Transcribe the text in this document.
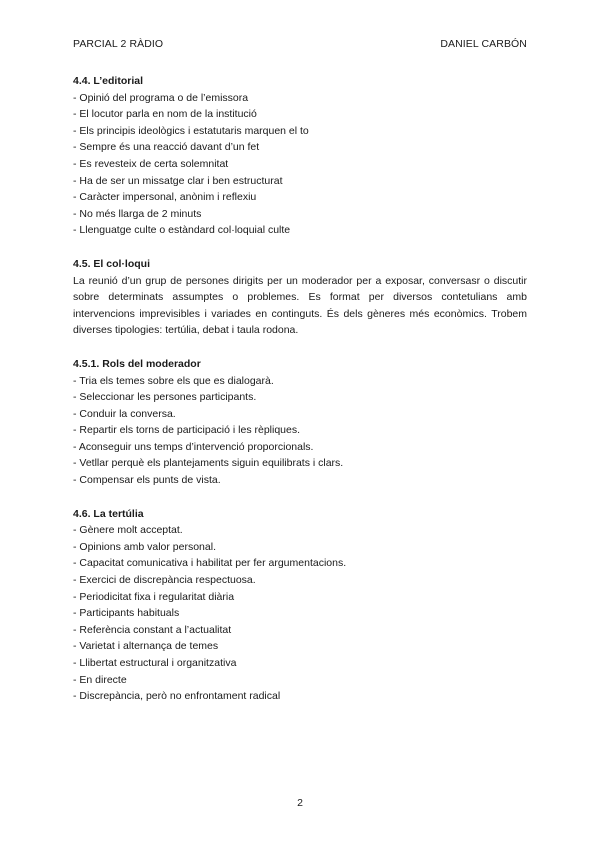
PARCIAL 2 RÀDIO	DANIEL CARBÓN
4.4. L’editorial
- Opinió del programa o de l’emissora
- El locutor parla en nom de la institució
- Els principis ideològics i estatutaris marquen el to
- Sempre és una reacció davant d’un fet
- Es revesteix de certa solemnitat
- Ha de ser un missatge clar i ben estructurat
- Caràcter impersonal, anònim i reflexiu
- No més llarga de 2 minuts
- Llenguatge culte o estàndard col·loquial culte
4.5. El col·loqui
La reunió d’un grup de persones dirigits per un moderador per a exposar, conversasr o discutir sobre determinats assumptes o problemes. Es format per diversos contetulians amb intervencions imprevisibles i variades en continguts. És dels gèneres més econòmics. Trobem diverses tipologies: tertúlia, debat i taula rodona.
4.5.1. Rols del moderador
- Tria els temes sobre els que es dialogarà.
- Seleccionar les persones participants.
- Conduir la conversa.
- Repartir els torns de participació i les rèpliques.
- Aconseguir uns temps d’intervenció proporcionals.
- Vetllar perquè els plantejaments siguin equilibrats i clars.
- Compensar els punts de vista.
4.6. La tertúlia
- Gènere molt acceptat.
- Opinions amb valor personal.
- Capacitat comunicativa i habilitat per fer argumentacions.
- Exercici de discrepància respectuosa.
- Periodicitat fixa i regularitat diària
- Participants habituals
- Referència constant a l’actualitat
- Varietat i alternança de temes
- Llibertat estructural i organitzativa
- En directe
- Discrepància, però no enfrontament radical
2
